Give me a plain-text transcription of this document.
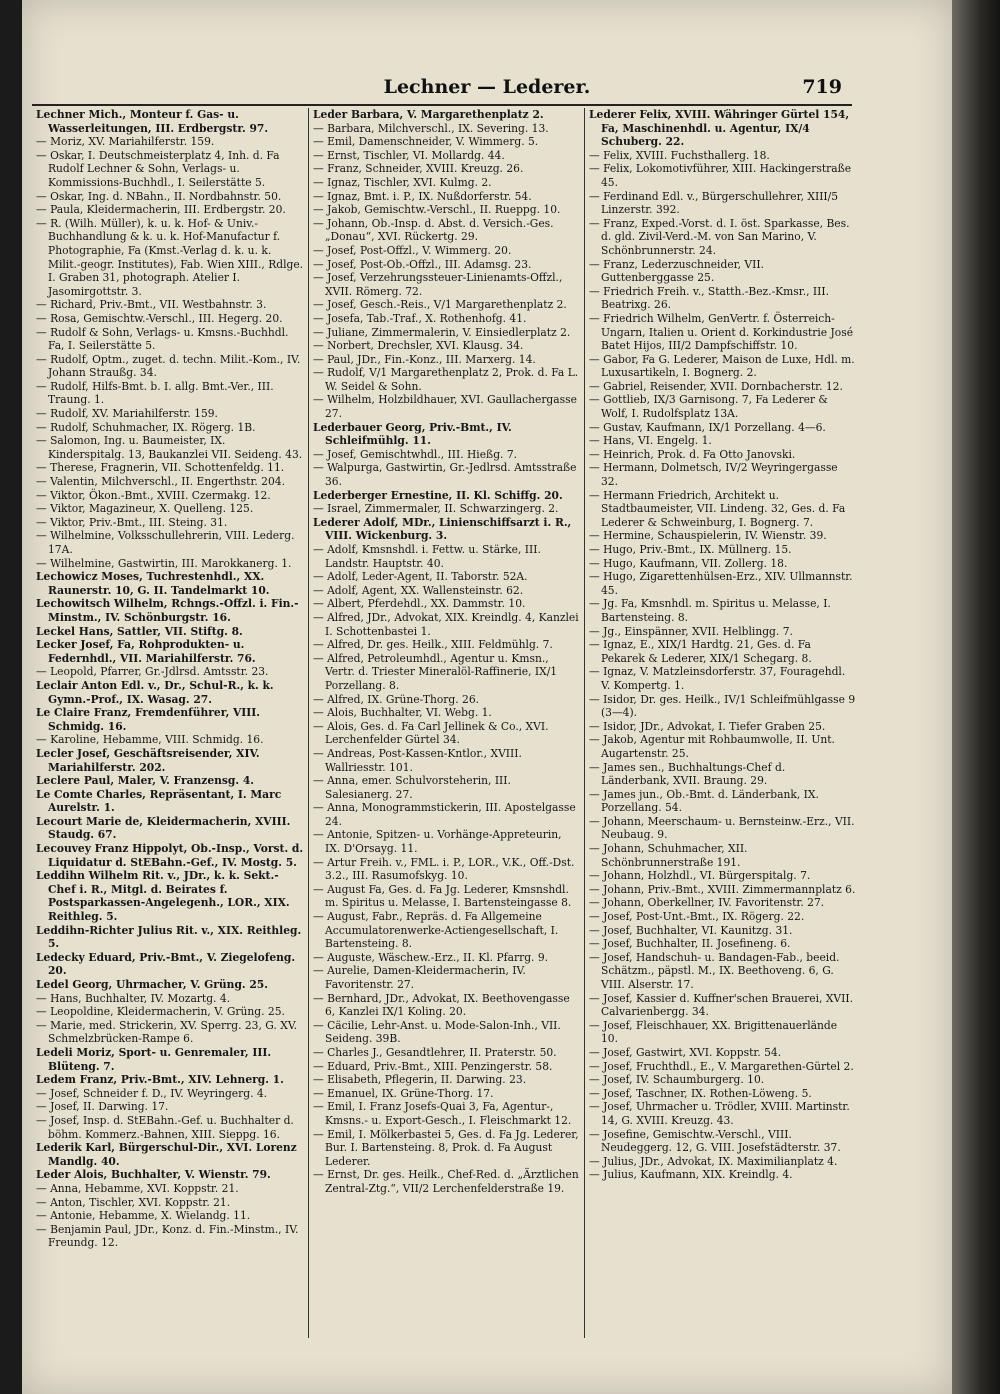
Lechner — Lederer.	719
Lechner Mich., Monteur f. Gas- u. Wasserleitungen, III. Erdbergstr. 97.
— Moriz, XV. Mariahilferstr. 159.
— Oskar, I. Deutschmeisterplatz 4, Inh. d. Fa Rudolf Lechner & Sohn, Verlags- u. Kommissions-Buchhdl., I. Seilerstätte 5.
— Oskar, Ing. d. NBahn., II. Nordbahnstr. 50.
— Paula, Kleidermacherin, III. Erdbergstr. 20.
— R. (Wilh. Müller), k. u. k. Hof- & Univ.-Buchhandlung & k. u. k. Hof-Manufactur f. Photographie, Fa (Kmst.-Verlag d. k. u. k. Milit.-geogr. Institutes), Fab. Wien XIII., Rdlge. I. Graben 31, photograph. Atelier I. Jasomirgottstr. 3.
— Richard, Priv.-Bmt., VII. Westbahnstr. 3.
— Rosa, Gemischtw.-Verschl., III. Hegerg. 20.
— Rudolf & Sohn, Verlags- u. Kmsns.-Buchhdl. Fa, I. Seilerstätte 5.
— Rudolf, Optm., zuget. d. techn. Milit.-Kom., IV. Johann Straußg. 34.
— Rudolf, Hilfs-Bmt. b. I. allg. Bmt.-Ver., III. Traung. 1.
— Rudolf, XV. Mariahilferstr. 159.
— Rudolf, Schuhmacher, IX. Rögerg. 1B.
— Salomon, Ing. u. Baumeister, IX. Kinderspitalg. 13, Baukanzlei VII. Seideng. 43.
— Therese, Fragnerin, VII. Schottenfeldg. 11.
— Valentin, Milchverschl., II. Engerthstr. 204.
— Viktor, Ökon.-Bmt., XVIII. Czermakg. 12.
— Viktor, Magazineur, X. Quelleng. 125.
— Viktor, Priv.-Bmt., III. Steing. 31.
— Wilhelmine, Volksschullehrerin, VIII. Lederg. 17A.
— Wilhelmine, Gastwirtin, III. Marokkanerg. 1.
Lechowicz Moses, Tuchrestenhdl., XX. Raunerstr. 10, G. II. Tandelmarkt 10.
Lechowitsch Wilhelm, Rchngs.-Offzl. i. Fin.-Minstm., IV. Schönburgstr. 16.
Leckel Hans, Sattler, VII. Stiftg. 8.
Lecker Josef, Fa, Rohprodukten- u. Federnhdl., VII. Mariahilferstr. 76.
— Leopold, Pfarrer, Gr.-Jdlrsd. Amtsstr. 23.
Leclair Anton Edl. v., Dr., Schul-R., k. k. Gymn.-Prof., IX. Wasag. 27.
Le Claire Franz, Fremdenführer, VIII. Schmidg. 16.
— Karoline, Hebamme, VIII. Schmidg. 16.
Lecler Josef, Geschäftsreisender, XIV. Mariahilferstr. 202.
Leclere Paul, Maler, V. Franzensg. 4.
Le Comte Charles, Repräsentant, I. Marc Aurelstr. 1.
Lecourt Marie de, Kleidermacherin, XVIII. Staudg. 67.
Lecouvey Franz Hippolyt, Ob.-Insp., Vorst. d. Liquidatur d. StEBahn.-Gef., IV. Mostg. 5.
Leddihn Wilhelm Rit. v., JDr., k. k. Sekt.-Chef i. R., Mitgl. d. Beirates f. Postsparkassen-Angelegenh., LOR., XIX. Reithleg. 5.
Leddihn-Richter Julius Rit. v., XIX. Reithleg. 5.
Ledecky Eduard, Priv.-Bmt., V. Ziegelofeng. 20.
Ledel Georg, Uhrmacher, V. Grüng. 25.
— Hans, Buchhalter, IV. Mozartg. 4.
— Leopoldine, Kleidermacherin, V. Grüng. 25.
— Marie, med. Strickerin, XV. Sperrg. 23, G. XV. Schmelzbrücken-Rampe 6.
Ledeli Moriz, Sport- u. Genremaler, III. Blüteng. 7.
Ledem Franz, Priv.-Bmt., XIV. Lehnerg. 1.
— Josef, Schneider f. D., IV. Weyringerg. 4.
— Josef, II. Darwing. 17.
— Josef, Insp. d. StEBahn.-Gef. u. Buchhalter d. böhm. Kommerz.-Bahnen, XIII. Sieppg. 16.
Lederik Karl, Bürgerschul-Dir., XVI. Lorenz Mandlg. 40.
Leder Alois, Buchhalter, V. Wienstr. 79.
— Anna, Hebamme, XVI. Koppstr. 21.
— Anton, Tischler, XVI. Koppstr. 21.
— Antonie, Hebamme, X. Wielandg. 11.
— Benjamin Paul, JDr., Konz. d. Fin.-Minstm., IV. Freundg. 12.
Leder Barbara, V. Margarethenplatz 2.
— Barbara, Milchverschl., IX. Severing. 13.
— Emil, Damenschneider, V. Wimmerg. 5.
— Ernst, Tischler, VI. Mollardg. 44.
— Franz, Schneider, XVIII. Kreuzg. 26.
— Ignaz, Tischler, XVI. Kulmg. 2.
— Ignaz, Bmt. i. P., IX. Nußdorferstr. 54.
— Jakob, Gemischtw.-Verschl., II. Rueppg. 10.
— Johann, Ob.-Insp. d. Abst. d. Versich.-Ges. „Donau“, XVI. Rückertg. 29.
— Josef, Post-Offzl., V. Wimmerg. 20.
— Josef, Post-Ob.-Offzl., III. Adamsg. 23.
— Josef, Verzehrungssteuer-Linienamts-Offzl., XVII. Römerg. 72.
— Josef, Gesch.-Reis., V/1 Margarethenplatz 2.
— Josefa, Tab.-Traf., X. Rothenhofg. 41.
— Juliane, Zimmermalerin, V. Einsiedlerplatz 2.
— Norbert, Drechsler, XVI. Klausg. 34.
— Paul, JDr., Fin.-Konz., III. Marxerg. 14.
— Rudolf, V/1 Margarethenplatz 2, Prok. d. Fa L. W. Seidel & Sohn.
— Wilhelm, Holzbildhauer, XVI. Gaullachergasse 27.
Lederbauer Georg, Priv.-Bmt., IV. Schleifmühlg. 11.
— Josef, Gemischtwhdl., III. Hießg. 7.
— Walpurga, Gastwirtin, Gr.-Jedlrsd. Amtsstraße 36.
Lederberger Ernestine, II. Kl. Schiffg. 20.
— Israel, Zimmermaler, II. Schwarzingerg. 2.
Lederer Adolf, MDr., Linienschiffsarzt i. R., VIII. Wickenburg. 3.
— Adolf, Kmsnshdl. i. Fettw. u. Stärke, III. Landstr. Hauptstr. 40.
— Adolf, Leder-Agent, II. Taborstr. 52A.
— Adolf, Agent, XX. Wallensteinstr. 62.
— Albert, Pferdehdl., XX. Dammstr. 10.
— Alfred, JDr., Advokat, XIX. Kreindlg. 4, Kanzlei I. Schottenbastei 1.
— Alfred, Dr. ges. Heilk., XIII. Feldmühlg. 7.
— Alfred, Petroleumhdl., Agentur u. Kmsn., Vertr. d. Triester Mineralöl-Raffinerie, IX/1 Porzellang. 8.
— Alfred, IX. Grüne-Thorg. 26.
— Alois, Buchhalter, VI. Webg. 1.
— Alois, Ges. d. Fa Carl Jellinek & Co., XVI. Lerchenfelder Gürtel 34.
— Andreas, Post-Kassen-Kntlor., XVIII. Wallriesstr. 101.
— Anna, emer. Schulvorsteherin, III. Salesianerg. 27.
— Anna, Monogrammstickerin, III. Apostelgasse 24.
— Antonie, Spitzen- u. Vorhänge-Appreteurin, IX. D'Orsayg. 11.
— Artur Freih. v., FML. i. P., LOR., V.K., Off.-Dst. 3.2., III. Rasumofskyg. 10.
— August Fa, Ges. d. Fa Jg. Lederer, Kmsnshdl. m. Spiritus u. Melasse, I. Bartensteingasse 8.
— August, Fabr., Repräs. d. Fa Allgemeine Accumulatorenwerke-Actiengesellschaft, I. Bartensteing. 8.
— Auguste, Wäschew.-Erz., II. Kl. Pfarrg. 9.
— Aurelie, Damen-Kleidermacherin, IV. Favoritenstr. 27.
— Bernhard, JDr., Advokat, IX. Beethovengasse 6, Kanzlei IX/1 Koling. 20.
— Cäcilie, Lehr-Anst. u. Mode-Salon-Inh., VII. Seideng. 39B.
— Charles J., Gesandtlehrer, II. Praterstr. 50.
— Eduard, Priv.-Bmt., XIII. Penzingerstr. 58.
— Elisabeth, Pflegerin, II. Darwing. 23.
— Emanuel, IX. Grüne-Thorg. 17.
— Emil, I. Franz Josefs-Quai 3, Fa, Agentur-, Kmsns.- u. Export-Gesch., I. Fleischmarkt 12.
— Emil, I. Mölkerbastei 5, Ges. d. Fa Jg. Lederer, Bur. I. Bartensteing. 8, Prok. d. Fa August Lederer.
— Ernst, Dr. ges. Heilk., Chef-Red. d. „Ärztlichen Zentral-Ztg.“, VII/2 Lerchenfelderstraße 19.
Lederer Felix, XVIII. Währinger Gürtel 154, Fa, Maschinenhdl. u. Agentur, IX/4 Schuberg. 22.
— Felix, XVIII. Fuchsthallerg. 18.
— Felix, Lokomotivführer, XIII. Hackingerstraße 45.
— Ferdinand Edl. v., Bürgerschullehrer, XIII/5 Linzerstr. 392.
— Franz, Exped.-Vorst. d. I. öst. Sparkasse, Bes. d. gld. Zivil-Verd.-M. von San Marino, V. Schönbrunnerstr. 24.
— Franz, Lederzuschneider, VII. Guttenberggasse 25.
— Friedrich Freih. v., Statth.-Bez.-Kmsr., III. Beatrixg. 26.
— Friedrich Wilhelm, GenVertr. f. Österreich-Ungarn, Italien u. Orient d. Korkindustrie José Batet Hijos, III/2 Dampfschiffstr. 10.
— Gabor, Fa G. Lederer, Maison de Luxe, Hdl. m. Luxusartikeln, I. Bognerg. 2.
— Gabriel, Reisender, XVII. Dornbacherstr. 12.
— Gottlieb, IX/3 Garnisong. 7, Fa Lederer & Wolf, I. Rudolfsplatz 13A.
— Gustav, Kaufmann, IX/1 Porzellang. 4—6.
— Hans, VI. Engelg. 1.
— Heinrich, Prok. d. Fa Otto Janovski.
— Hermann, Dolmetsch, IV/2 Weyringergasse 32.
— Hermann Friedrich, Architekt u. Stadtbaumeister, VII. Lindeng. 32, Ges. d. Fa Lederer & Schweinburg, I. Bognerg. 7.
— Hermine, Schauspielerin, IV. Wienstr. 39.
— Hugo, Priv.-Bmt., IX. Müllnerg. 15.
— Hugo, Kaufmann, VII. Zollerg. 18.
— Hugo, Zigarettenhülsen-Erz., XIV. Ullmannstr. 45.
— Jg. Fa, Kmsnhdl. m. Spiritus u. Melasse, I. Bartensteing. 8.
— Jg., Einspänner, XVII. Helblingg. 7.
— Ignaz, E., XIX/1 Hardtg. 21, Ges. d. Fa Pekarek & Lederer, XIX/1 Schegarg. 8.
— Ignaz, V. Matzleinsdorferstr. 37, Fouragehdl. V. Kompertg. 1.
— Isidor, Dr. ges. Heilk., IV/1 Schleifmühlgasse 9 (3—4).
— Isidor, JDr., Advokat, I. Tiefer Graben 25.
— Jakob, Agentur mit Rohbaumwolle, II. Unt. Augartenstr. 25.
— James sen., Buchhaltungs-Chef d. Länderbank, XVII. Braung. 29.
— James jun., Ob.-Bmt. d. Länderbank, IX. Porzellang. 54.
— Johann, Meerschaum- u. Bernsteinw.-Erz., VII. Neubaug. 9.
— Johann, Schuhmacher, XII. Schönbrunnerstraße 191.
— Johann, Holzhdl., VI. Bürgerspitalg. 7.
— Johann, Priv.-Bmt., XVIII. Zimmermannplatz 6.
— Johann, Oberkellner, IV. Favoritenstr. 27.
— Josef, Post-Unt.-Bmt., IX. Rögerg. 22.
— Josef, Buchhalter, VI. Kaunitzg. 31.
— Josef, Buchhalter, II. Josefineng. 6.
— Josef, Handschuh- u. Bandagen-Fab., beeid. Schätzm., päpstl. M., IX. Beethoveng. 6, G. VIII. Alserstr. 17.
— Josef, Kassier d. Kuffner'schen Brauerei, XVII. Calvarienbergg. 34.
— Josef, Fleischhauer, XX. Brigittenauerlände 10.
— Josef, Gastwirt, XVI. Koppstr. 54.
— Josef, Fruchthdl., E., V. Margarethen-Gürtel 2.
— Josef, IV. Schaumburgerg. 10.
— Josef, Taschner, IX. Rothen-Löweng. 5.
— Josef, Uhrmacher u. Trödler, XVIII. Martinstr. 14, G. XVIII. Kreuzg. 43.
— Josefine, Gemischtw.-Verschl., VIII. Neudeggerg. 12, G. VIII. Josefstädterstr. 37.
— Julius, JDr., Advokat, IX. Maximilianplatz 4.
— Julius, Kaufmann, XIX. Kreindlg. 4.
